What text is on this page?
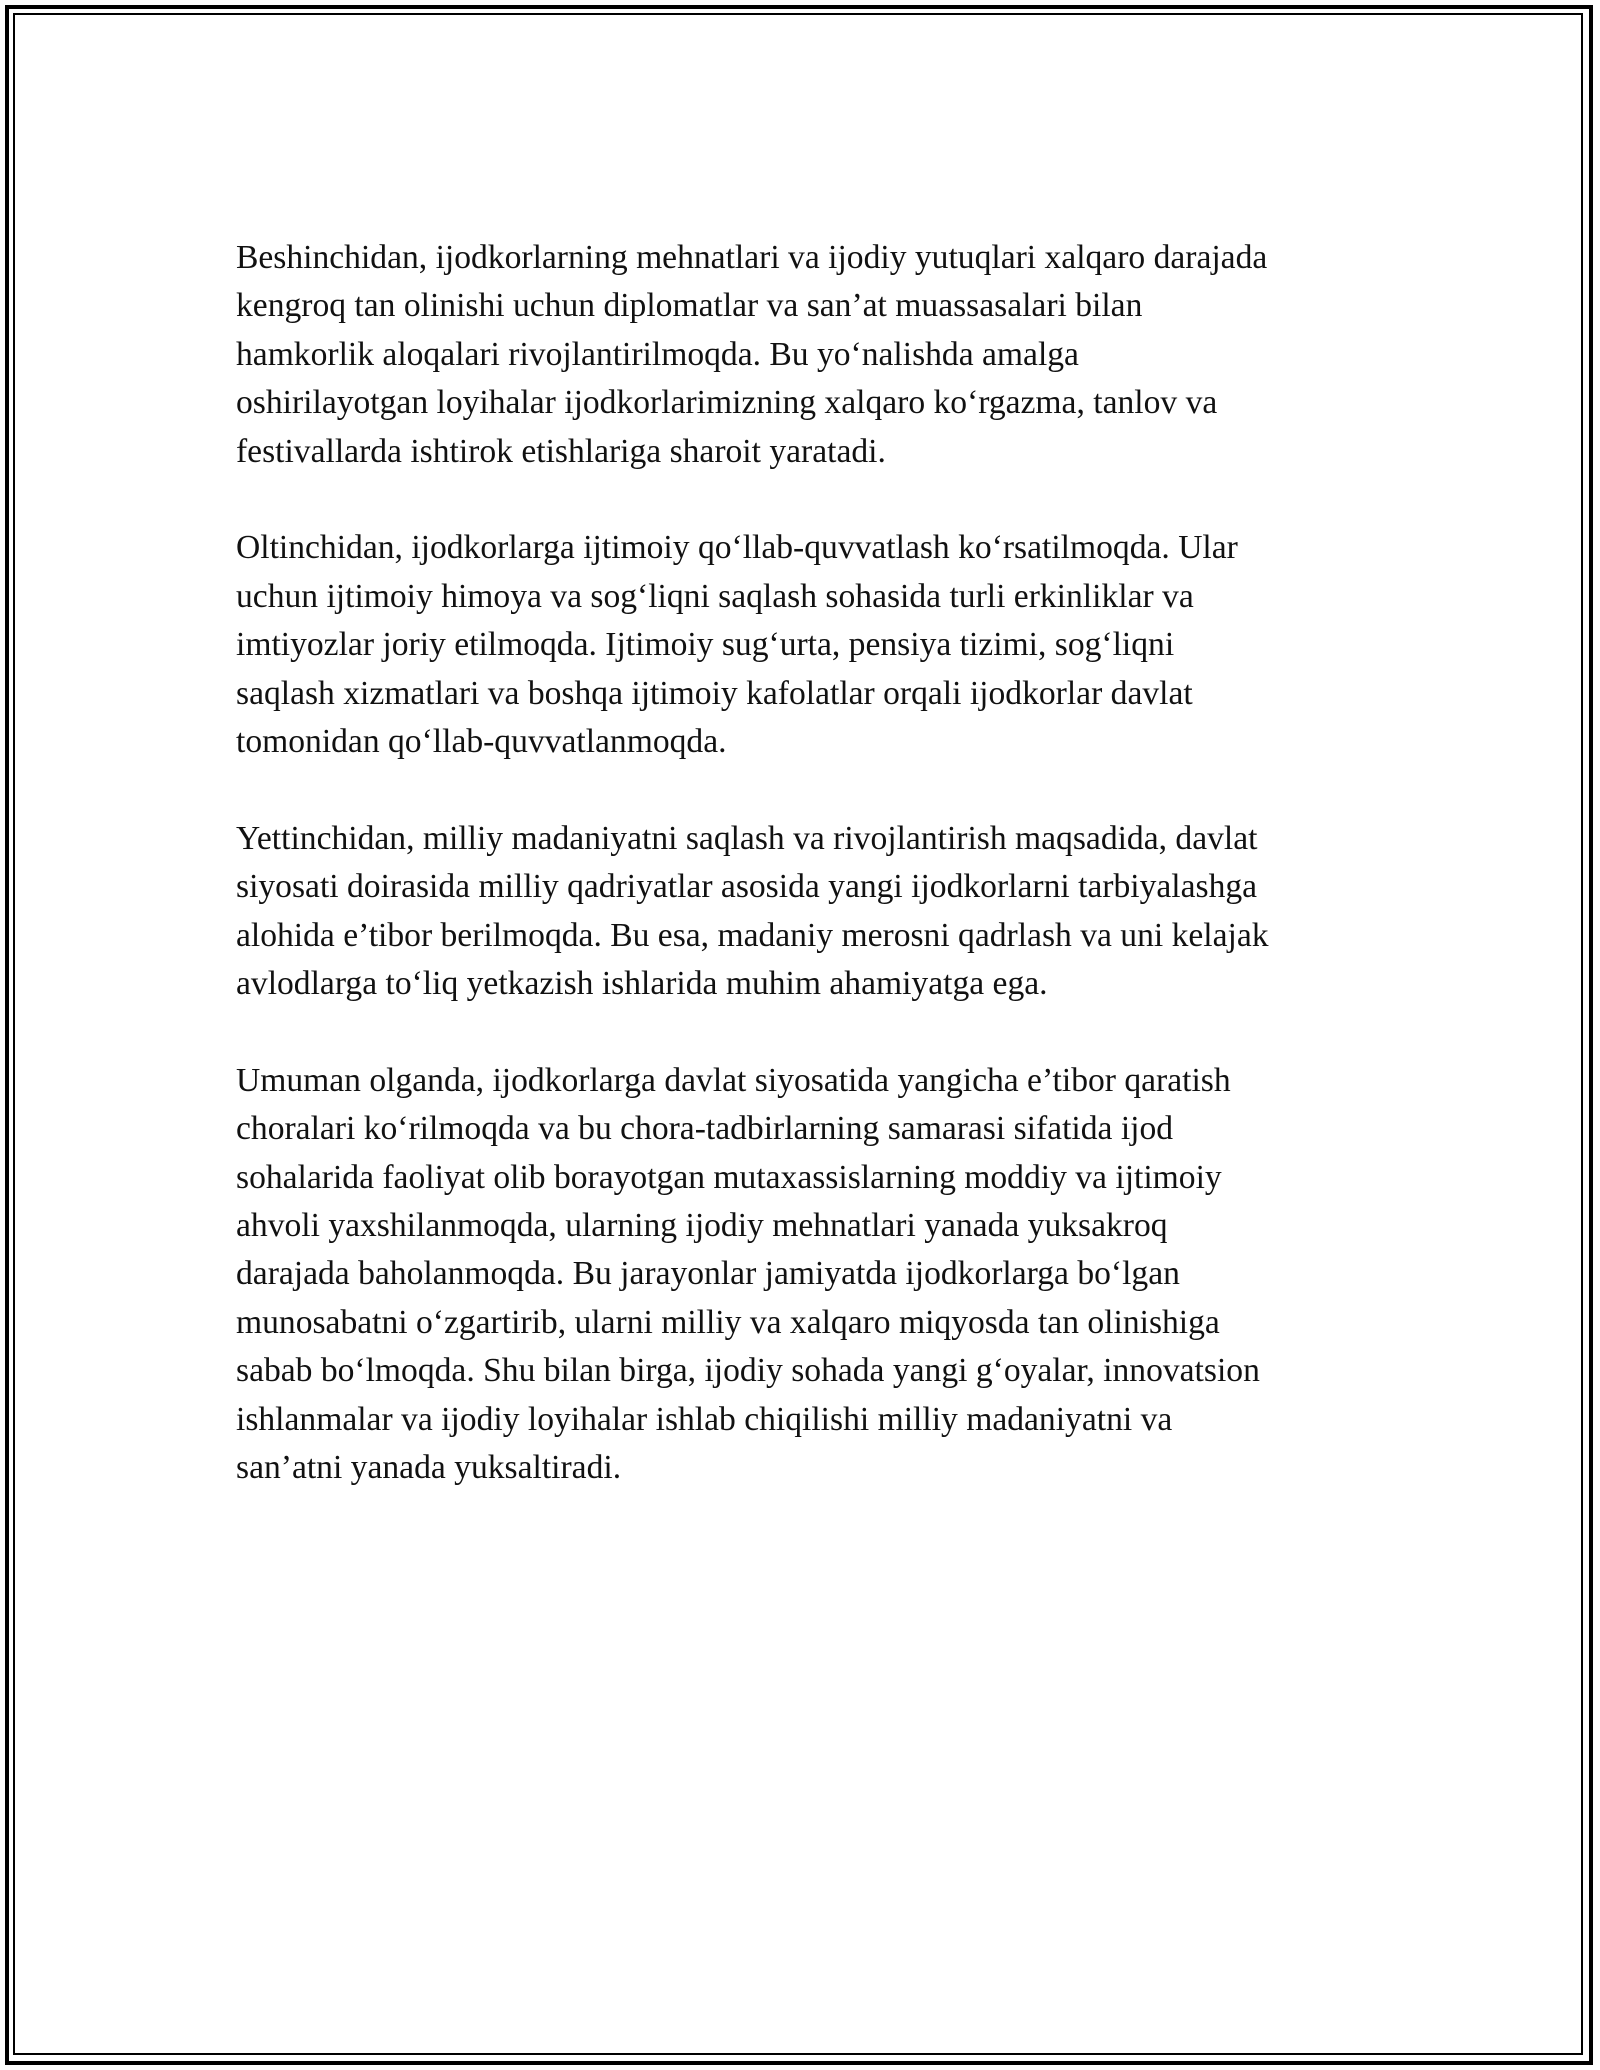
Beshinchidan, ijodkorlarning mehnatlari va ijodiy yutuqlari xalqaro darajada
kengroq tan olinishi uchun diplomatlar va san’at muassasalari bilan
hamkorlik aloqalari rivojlantirilmoqda. Bu yo‘nalishda amalga
oshirilayotgan loyihalar ijodkorlarimizning xalqaro ko‘rgazma, tanlov va
festivallarda ishtirok etishlariga sharoit yaratadi.

Oltinchidan, ijodkorlarga ijtimoiy qo‘llab-quvvatlash ko‘rsatilmoqda. Ular
uchun ijtimoiy himoya va sog‘liqni saqlash sohasida turli erkinliklar va
imtiyozlar joriy etilmoqda. Ijtimoiy sug‘urta, pensiya tizimi, sog‘liqni
saqlash xizmatlari va boshqa ijtimoiy kafolatlar orqali ijodkorlar davlat
tomonidan qo‘llab-quvvatlanmoqda.

Yettinchidan, milliy madaniyatni saqlash va rivojlantirish maqsadida, davlat
siyosati doirasida milliy qadriyatlar asosida yangi ijodkorlarni tarbiyalashga
alohida e’tibor berilmoqda. Bu esa, madaniy merosni qadrlash va uni kelajak
avlodlarga to‘liq yetkazish ishlarida muhim ahamiyatga ega.

Umuman olganda, ijodkorlarga davlat siyosatida yangicha e’tibor qaratish
choralari ko‘rilmoqda va bu chora-tadbirlarning samarasi sifatida ijod
sohalarida faoliyat olib borayotgan mutaxassislarning moddiy va ijtimoiy
ahvoli yaxshilanmoqda, ularning ijodiy mehnatlari yanada yuksakroq
darajada baholanmoqda. Bu jarayonlar jamiyatda ijodkorlarga bo‘lgan
munosabatni o‘zgartirib, ularni milliy va xalqaro miqyosda tan olinishiga
sabab bo‘lmoqda. Shu bilan birga, ijodiy sohada yangi g‘oyalar, innovatsion
ishlanmalar va ijodiy loyihalar ishlab chiqilishi milliy madaniyatni va
san’atni yanada yuksaltiradi.
